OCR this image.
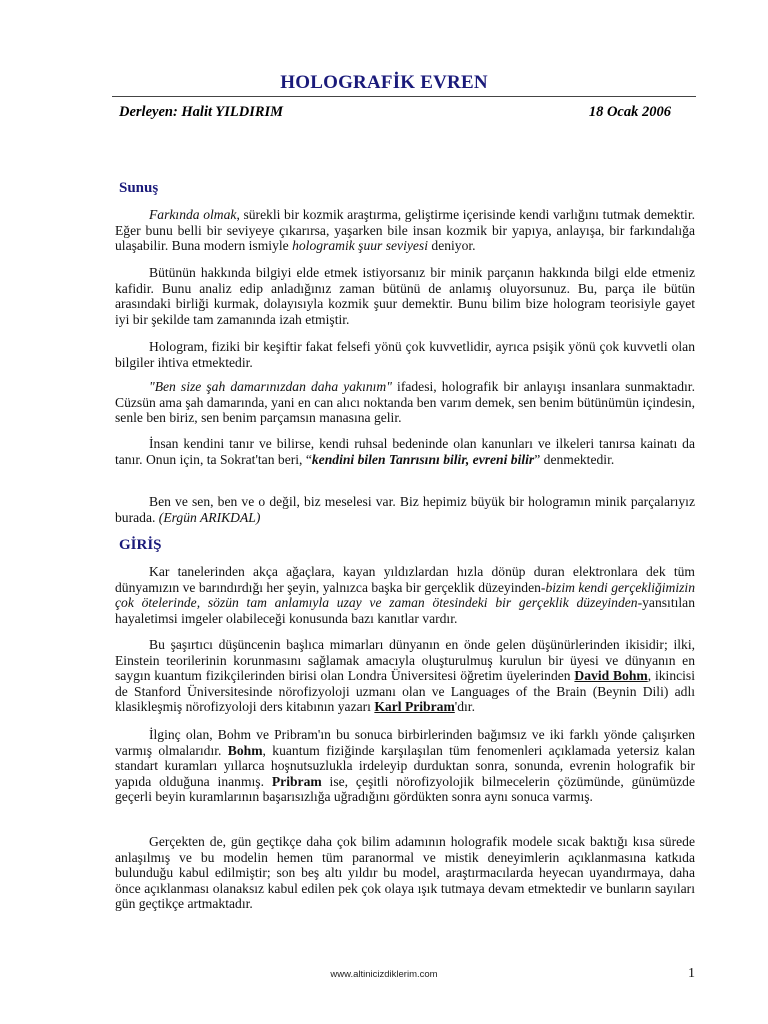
HOLOGRAFİK EVREN
Derleyen: Halit YILDIRIM	18 Ocak 2006
Sunuş

Farkında olmak, sürekli bir kozmik araştırma, geliştirme içerisinde kendi varlığını tutmak demektir. Eğer bunu belli bir seviyeye çıkarırsa, yaşarken bile insan kozmik bir yapıya, anlayışa, bir farkındalığa ulaşabilir. Buna modern ismiyle hologramik şuur seviyesi deniyor.

Bütünün hakkında bilgiyi elde etmek istiyorsanız bir minik parçanın hakkında bilgi elde etmeniz kafidir. Bunu analiz edip anladığınız zaman bütünü de anlamış oluyorsunuz. Bu, parça ile bütün arasındaki birliği kurmak, dolayısıyla kozmik şuur demektir. Bunu bilim bize hologram teorisiyle gayet iyi bir şekilde tam zamanında izah etmiştir.

Hologram, fiziki bir keşiftir fakat felsefi yönü çok kuvvetlidir, ayrıca psişik yönü çok kuvvetli olan bilgiler ihtiva etmektedir.

"Ben size şah damarınızdan daha yakınım" ifadesi, holografik bir anlayışı insanlara sunmaktadır. Cüzsün ama şah damarında, yani en can alıcı noktanda ben varım demek, sen benim bütünümün içindesin, senle ben biriz, sen benim parçamsın manasına gelir.

İnsan kendini tanır ve bilirse, kendi ruhsal bedeninde olan kanunları ve ilkeleri tanırsa kainatı da tanır. Onun için, ta Sokrat'tan beri, “kendini bilen Tanrısını bilir, evreni bilir” denmektedir.

Ben ve sen, ben ve o değil, biz meselesi var. Biz hepimiz büyük bir hologramın minik parçalarıyız burada. (Ergün ARIKDAL)

GİRİŞ

Kar tanelerinden akça ağaçlara, kayan yıldızlardan hızla dönüp duran elektronlara dek tüm dünyamızın ve barındırdığı her şeyin, yalnızca başka bir gerçeklik düzeyinden-bizim kendi gerçekliğimizin çok ötelerinde, sözün tam anlamıyla uzay ve zaman ötesindeki bir gerçeklik düzeyinden-yansıtılan hayaletimsi imgeler olabileceği konusunda bazı kanıtlar vardır.

Bu şaşırtıcı düşüncenin başlıca mimarları dünyanın en önde gelen düşünürlerinden ikisidir; ilki, Einstein teorilerinin korunmasını sağlamak amacıyla oluşturulmuş kurulun bir üyesi ve dünyanın en saygın kuantum fizikçilerinden birisi olan Londra Üniversitesi öğretim üyelerinden David Bohm, ikincisi de Stanford Üniversitesinde nörofizyoloji uzmanı olan ve Languages of the Brain (Beynin Dili) adlı klasikleşmiş nörofizyoloji ders kitabının yazarı Karl Pribram'dır.

İlginç olan, Bohm ve Pribram'ın bu sonuca birbirlerinden bağımsız ve iki farklı yönde çalışırken varmış olmalarıdır. Bohm, kuantum fiziğinde karşılaşılan tüm fenomenleri açıklamada yetersiz kalan standart kuramları yıllarca hoşnutsuzlukla irdeleyip durduktan sonra, sonunda, evrenin holografik bir yapıda olduğuna inanmış. Pribram ise, çeşitli nörofizyolojik bilmecelerin çözümünde, günümüzde geçerli beyin kuramlarının başarısızlığa uğradığını gördükten sonra aynı sonuca varmış.

Gerçekten de, gün geçtikçe daha çok bilim adamının holografik modele sıcak baktığı kısa sürede anlaşılmış ve bu modelin hemen tüm paranormal ve mistik deneyimlerin açıklanmasına katkıda bulunduğu kabul edilmiştir; son beş altı yıldır bu model, araştırmacılarda heyecan uyandırmaya, daha önce açıklanması olanaksız kabul edilen pek çok olaya ışık tutmaya devam etmektedir ve bunların sayıları gün geçtikçe artmaktadır.

www.altinicizdiklerim.com	1
